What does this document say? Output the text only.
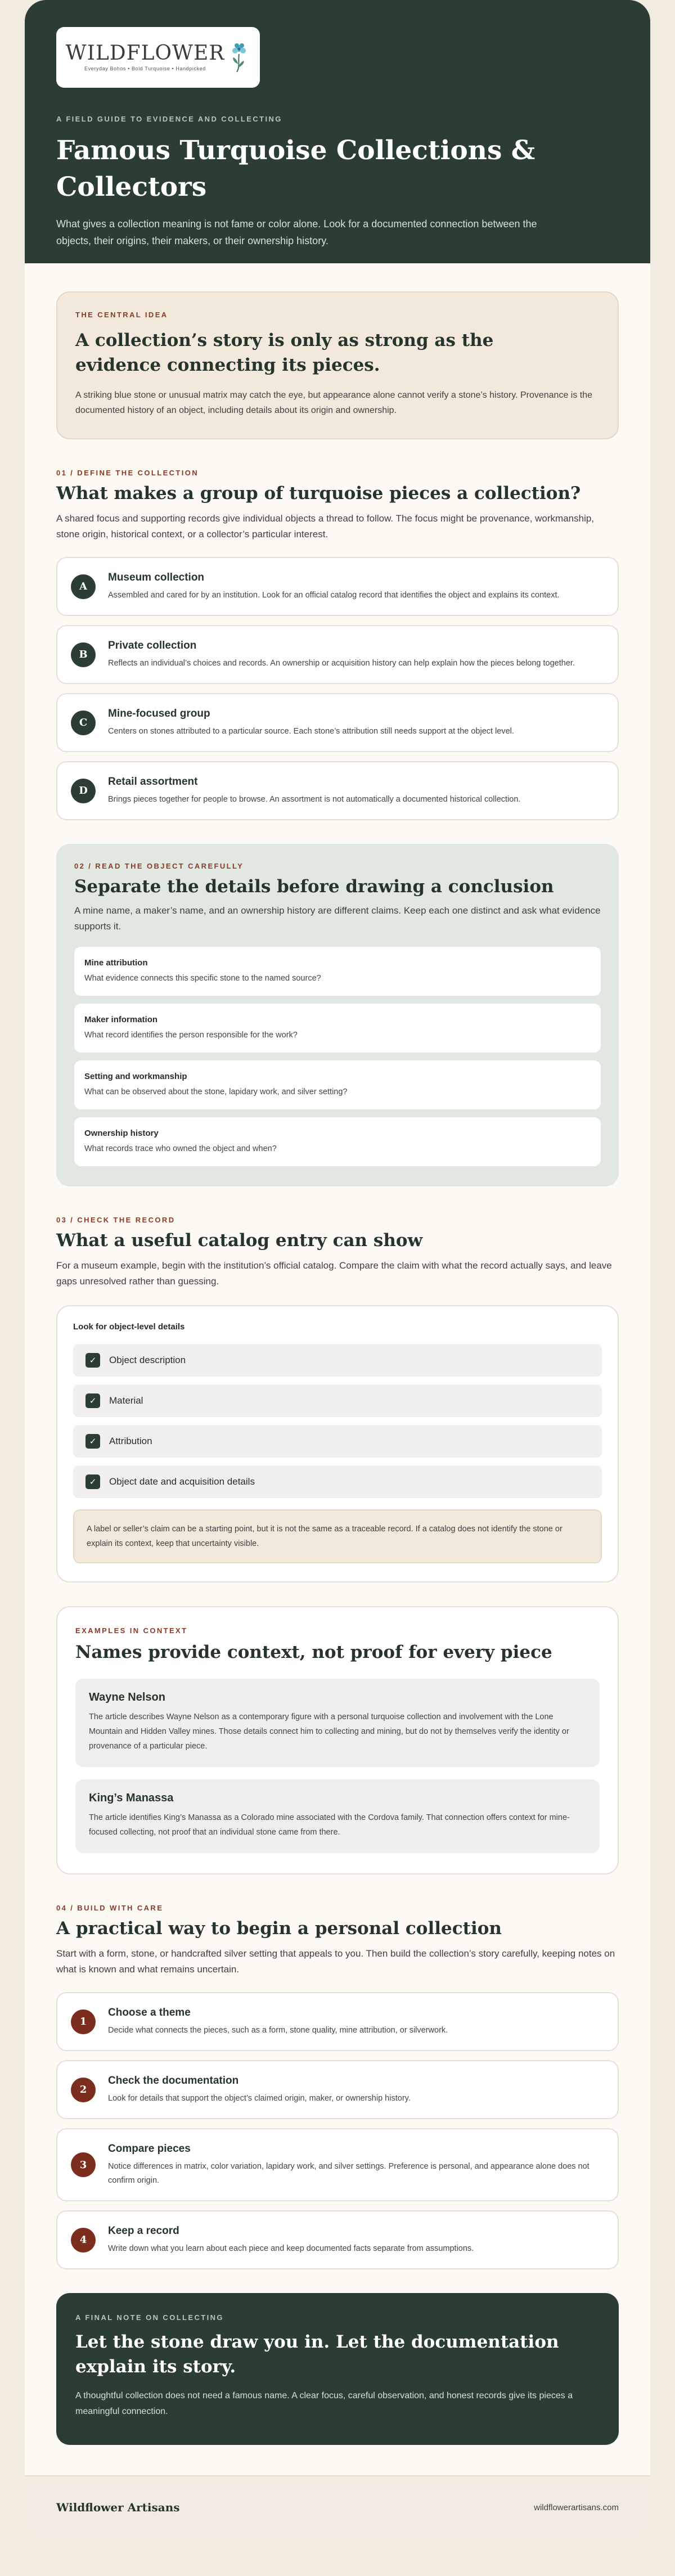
WILDFLOWER
Everyday Bohos • Bold Turquoise • Handpicked
A FIELD GUIDE TO EVIDENCE AND COLLECTING
Famous Turquoise Collections & Collectors

What gives a collection meaning is not fame or color alone. Look for a documented connection between the objects, their origins, their makers, or their ownership history.

THE CENTRAL IDEA
A collection’s story is only as strong as the evidence connecting its pieces.

A striking blue stone or unusual matrix may catch the eye, but appearance alone cannot verify a stone’s history. Provenance is the documented history of an object, including details about its origin and ownership.

01 / DEFINE THE COLLECTION
What makes a group of turquoise pieces a collection?

A shared focus and supporting records give individual objects a thread to follow. The focus might be provenance, workmanship, stone origin, historical context, or a collector’s particular interest.

A
Museum collection

Assembled and cared for by an institution. Look for an official catalog record that identifies the object and explains its context.

B
Private collection

Reflects an individual’s choices and records. An ownership or acquisition history can help explain how the pieces belong together.

C
Mine-focused group

Centers on stones attributed to a particular source. Each stone’s attribution still needs support at the object level.

D
Retail assortment

Brings pieces together for people to browse. An assortment is not automatically a documented historical collection.

02 / READ THE OBJECT CAREFULLY
Separate the details before drawing a conclusion

A mine name, a maker’s name, and an ownership history are different claims. Keep each one distinct and ask what evidence supports it.

Mine attribution

What evidence connects this specific stone to the named source?

Maker information

What record identifies the person responsible for the work?

Setting and workmanship

What can be observed about the stone, lapidary work, and silver setting?

Ownership history

What records trace who owned the object and when?

03 / CHECK THE RECORD
What a useful catalog entry can show

For a museum example, begin with the institution’s official catalog. Compare the claim with what the record actually says, and leave gaps unresolved rather than guessing.

Look for object-level details
✓	Object description
✓	Material
✓	Attribution
✓	Object date and acquisition details
A label or seller’s claim can be a starting point, but it is not the same as a traceable record. If a catalog does not identify the stone or explain its context, keep that uncertainty visible.
EXAMPLES IN CONTEXT
Names provide context, not proof for every piece
Wayne Nelson

The article describes Wayne Nelson as a contemporary figure with a personal turquoise collection and involvement with the Lone Mountain and Hidden Valley mines. Those details connect him to collecting and mining, but do not by themselves verify the identity or provenance of a particular piece.

King’s Manassa

The article identifies King’s Manassa as a Colorado mine associated with the Cordova family. That connection offers context for mine-focused collecting, not proof that an individual stone came from there.

04 / BUILD WITH CARE
A practical way to begin a personal collection

Start with a form, stone, or handcrafted silver setting that appeals to you. Then build the collection’s story carefully, keeping notes on what is known and what remains uncertain.

1
Choose a theme

Decide what connects the pieces, such as a form, stone quality, mine attribution, or silverwork.

2
Check the documentation

Look for details that support the object’s claimed origin, maker, or ownership history.

3
Compare pieces

Notice differences in matrix, color variation, lapidary work, and silver settings. Preference is personal, and appearance alone does not confirm origin.

4
Keep a record

Write down what you learn about each piece and keep documented facts separate from assumptions.

A FINAL NOTE ON COLLECTING
Let the stone draw you in. Let the documentation explain its story.

A thoughtful collection does not need a famous name. A clear focus, careful observation, and honest records give its pieces a meaningful connection.

Wildflower Artisans	wildflowerartisans.com
